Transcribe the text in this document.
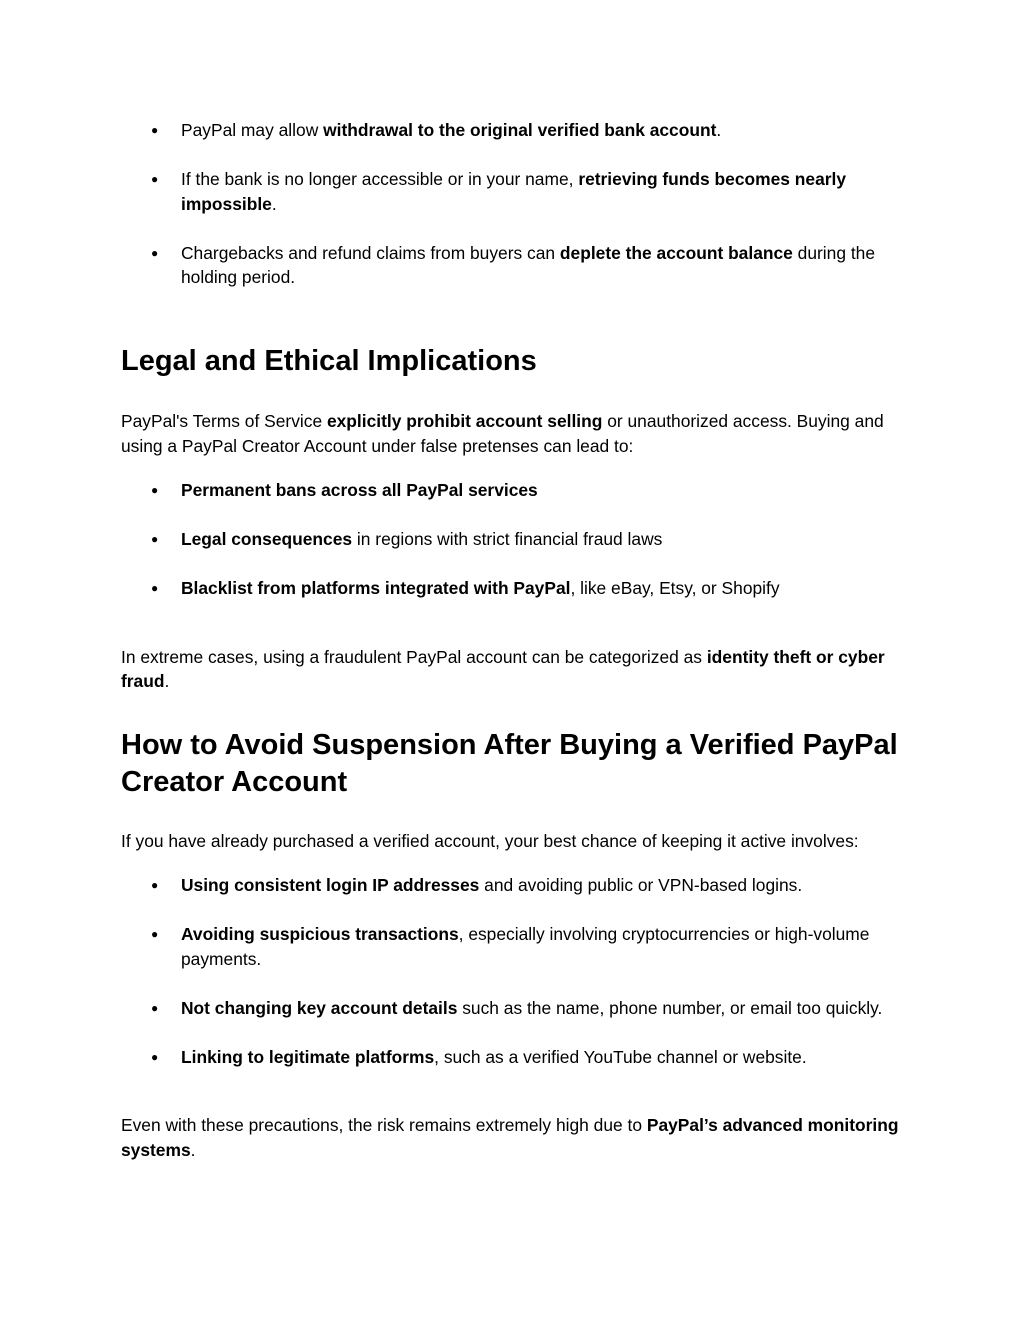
● PayPal may allow withdrawal to the original verified bank account.
● If the bank is no longer accessible or in your name, retrieving funds becomes nearly impossible.
● Chargebacks and refund claims from buyers can deplete the account balance during the holding period.
Legal and Ethical Implications

PayPal's Terms of Service explicitly prohibit account selling or unauthorized access. Buying and using a PayPal Creator Account under false pretenses can lead to:

● Permanent bans across all PayPal services
● Legal consequences in regions with strict financial fraud laws
● Blacklist from platforms integrated with PayPal, like eBay, Etsy, or Shopify

In extreme cases, using a fraudulent PayPal account can be categorized as identity theft or cyber fraud.

How to Avoid Suspension After Buying a Verified PayPal Creator Account

If you have already purchased a verified account, your best chance of keeping it active involves:

● Using consistent login IP addresses and avoiding public or VPN-based logins.
● Avoiding suspicious transactions, especially involving cryptocurrencies or high-volume payments.
● Not changing key account details such as the name, phone number, or email too quickly.
● Linking to legitimate platforms, such as a verified YouTube channel or website.

Even with these precautions, the risk remains extremely high due to PayPal’s advanced monitoring systems.
